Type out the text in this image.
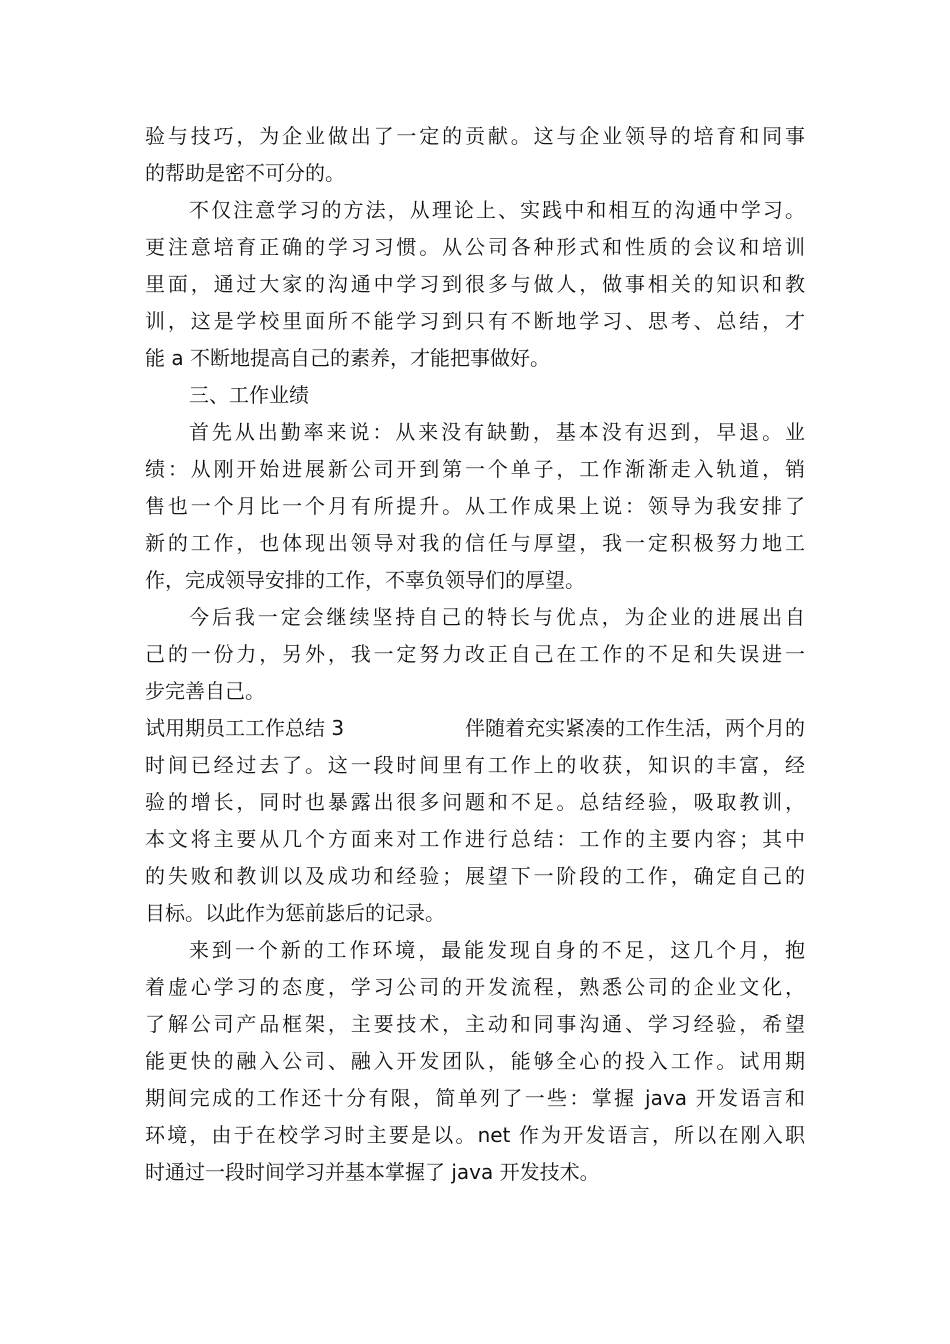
验与技巧，为企业做出了一定的贡献。这与企业领导的培育和同事
的帮助是密不可分的。
不仅注意学习的方法，从理论上、实践中和相互的沟通中学习。
更注意培育正确的学习习惯。从公司各种形式和性质的会议和培训
里面，通过大家的沟通中学习到很多与做人，做事相关的知识和教
训，这是学校里面所不能学习到只有不断地学习、思考、总结，才
能 a 不断地提高自己的素养，才能把事做好。
三、工作业绩
首先从出勤率来说：从来没有缺勤，基本没有迟到，早退。业
绩：从刚开始进展新公司开到第一个单子，工作渐渐走入轨道，销
售也一个月比一个月有所提升。从工作成果上说：领导为我安排了
新的工作，也体现出领导对我的信任与厚望，我一定积极努力地工
作，完成领导安排的工作，不辜负领导们的厚望。
今后我一定会继续坚持自己的特长与优点，为企业的进展出自
己的一份力，另外，我一定努力改正自己在工作的不足和失误进一
步完善自己。
试用期员工工作总结 3	伴随着充实紧凑的工作生活，两个月的
时间已经过去了。这一段时间里有工作上的收获，知识的丰富，经
验的增长，同时也暴露出很多问题和不足。总结经验，吸取教训，
本文将主要从几个方面来对工作进行总结：工作的主要内容；其中
的失败和教训以及成功和经验；展望下一阶段的工作，确定自己的
目标。以此作为惩前毖后的记录。
来到一个新的工作环境，最能发现自身的不足，这几个月，抱
着虚心学习的态度，学习公司的开发流程，熟悉公司的企业文化，
了解公司产品框架，主要技术，主动和同事沟通、学习经验，希望
能更快的融入公司、融入开发团队，能够全心的投入工作。试用期
期间完成的工作还十分有限，简单列了一些：掌握 java 开发语言和
环境，由于在校学习时主要是以。net 作为开发语言，所以在刚入职
时通过一段时间学习并基本掌握了 java 开发技术。
